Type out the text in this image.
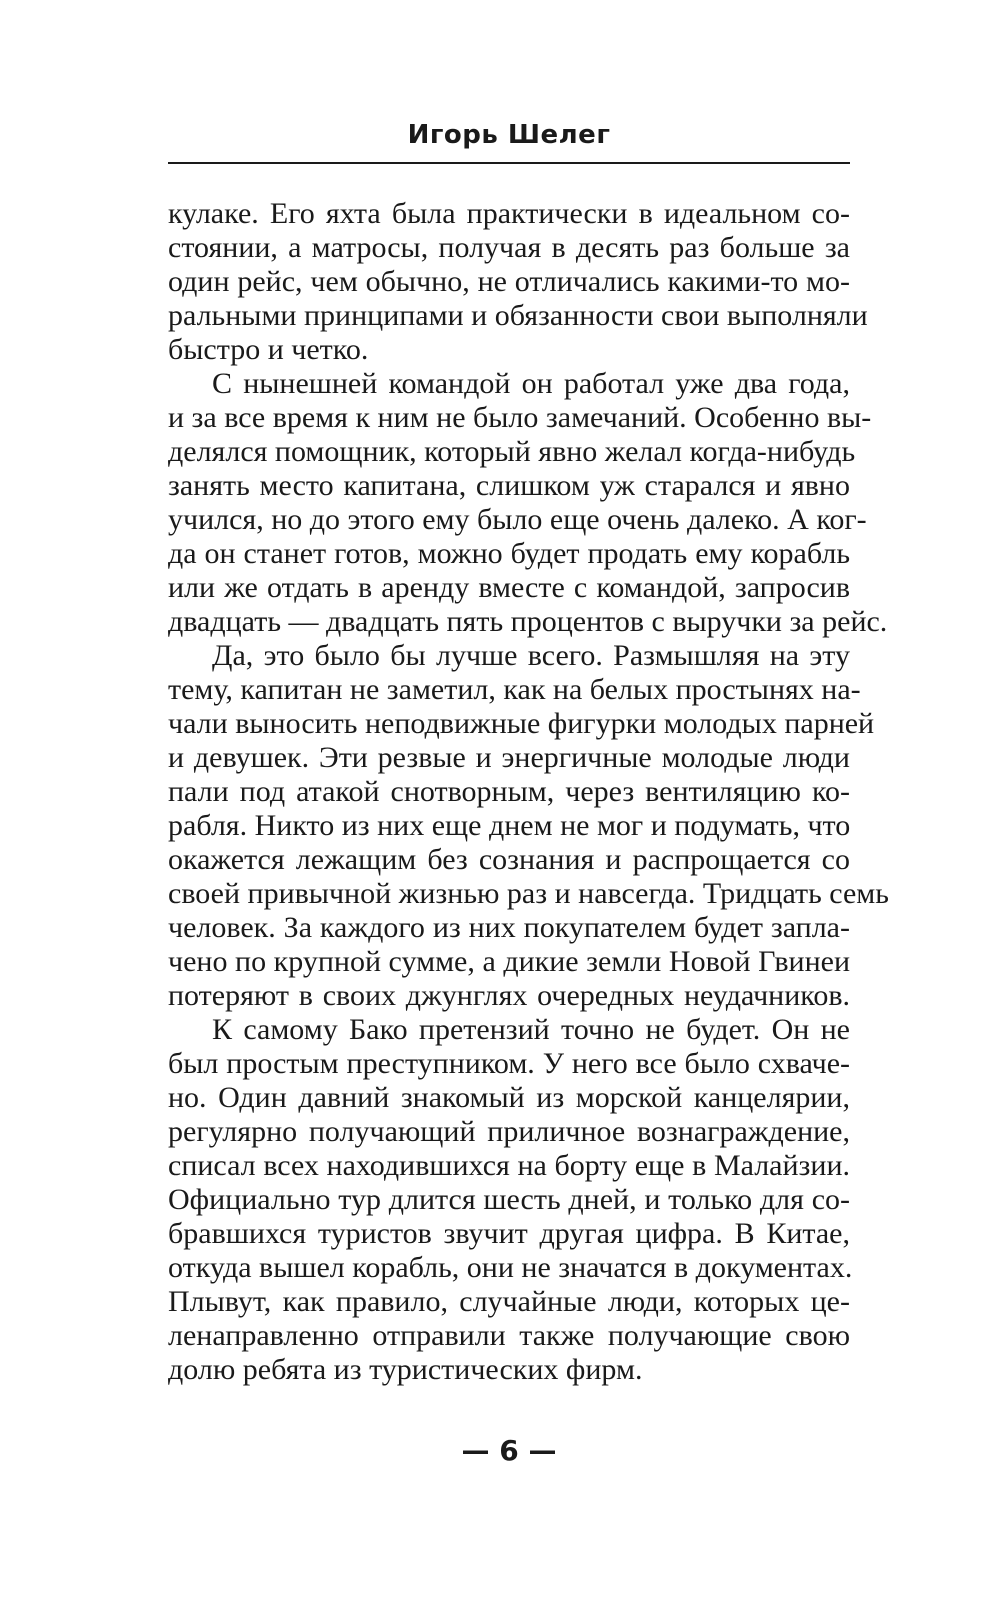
Игорь Шелег
кулаке. Его яхта была практически в идеальном со-
стоянии, а матросы, получая в десять раз больше за
один рейс, чем обычно, не отличались какими-то мо-
ральными принципами и обязанности свои выполняли
быстро и четко.
С нынешней командой он работал уже два года,
и за все время к ним не было замечаний. Особенно вы-
делялся помощник, который явно желал когда-нибудь
занять место капитана, слишком уж старался и явно
учился, но до этого ему было еще очень далеко. А ког-
да он станет готов, можно будет продать ему корабль
или же отдать в аренду вместе с командой, запросив
двадцать — двадцать пять процентов с выручки за рейс.
Да, это было бы лучше всего. Размышляя на эту
тему, капитан не заметил, как на белых простынях на-
чали выносить неподвижные фигурки молодых парней
и девушек. Эти резвые и энергичные молодые люди
пали под атакой снотворным, через вентиляцию ко-
рабля. Никто из них еще днем не мог и подумать, что
окажется лежащим без сознания и распрощается со
своей привычной жизнью раз и навсегда. Тридцать семь
человек. За каждого из них покупателем будет запла-
чено по крупной сумме, а дикие земли Новой Гвинеи
потеряют в своих джунглях очередных неудачников.
К самому Бако претензий точно не будет. Он не
был простым преступником. У него все было схваче-
но. Один давний знакомый из морской канцелярии,
регулярно получающий приличное вознаграждение,
списал всех находившихся на борту еще в Малайзии.
Официально тур длится шесть дней, и только для со-
бравшихся туристов звучит другая цифра. В Китае,
откуда вышел корабль, они не значатся в документах.
Плывут, как правило, случайные люди, которых це-
ленаправленно отправили также получающие свою
долю ребята из туристических фирм.
— 6 —
